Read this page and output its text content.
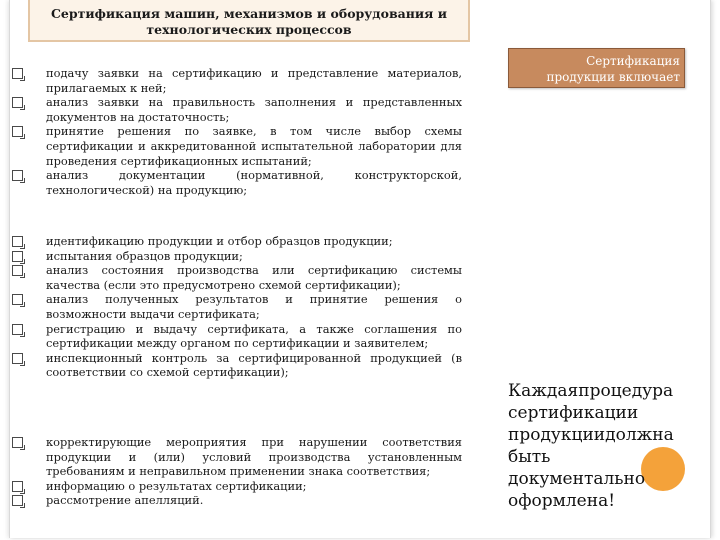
Сертификация машин, механизмов и оборудования и
технологических процессов
подачу заявки на сертификацию и представление материалов, прилагаемых к ней;
анализ заявки на правильность заполнения и представленных документов на достаточность;
принятие решения по заявке, в том числе выбор схемы сертификации и аккредитованной испытательной лаборатории для проведения сертификационных испытаний;
анализ документации (нормативной, конструкторской, технологической) на продукцию;
идентификацию продукции и отбор образцов продукции;
испытания образцов продукции;
анализ состояния производства или сертификацию системы качества (если это предусмотрено схемой сертификации);
анализ полученных результатов и принятие решения о возможности выдачи сертификата;
регистрацию и выдачу сертификата, а также соглашения по сертификации между органом по сертификации и заявителем;
инспекционный контроль за сертифицированной продукцией (в соответствии со схемой сертификации);
корректирующие мероприятия при нарушении соответствия продукции и (или) условий производства установленным требованиям и неправильном применении знака соответствия;
информацию о результатах сертификации;
рассмотрение апелляций.
Сертификация
продукции включает
Каждаяпроцедура
сертификации
продукциидолжна
быть
документально
оформлена!
